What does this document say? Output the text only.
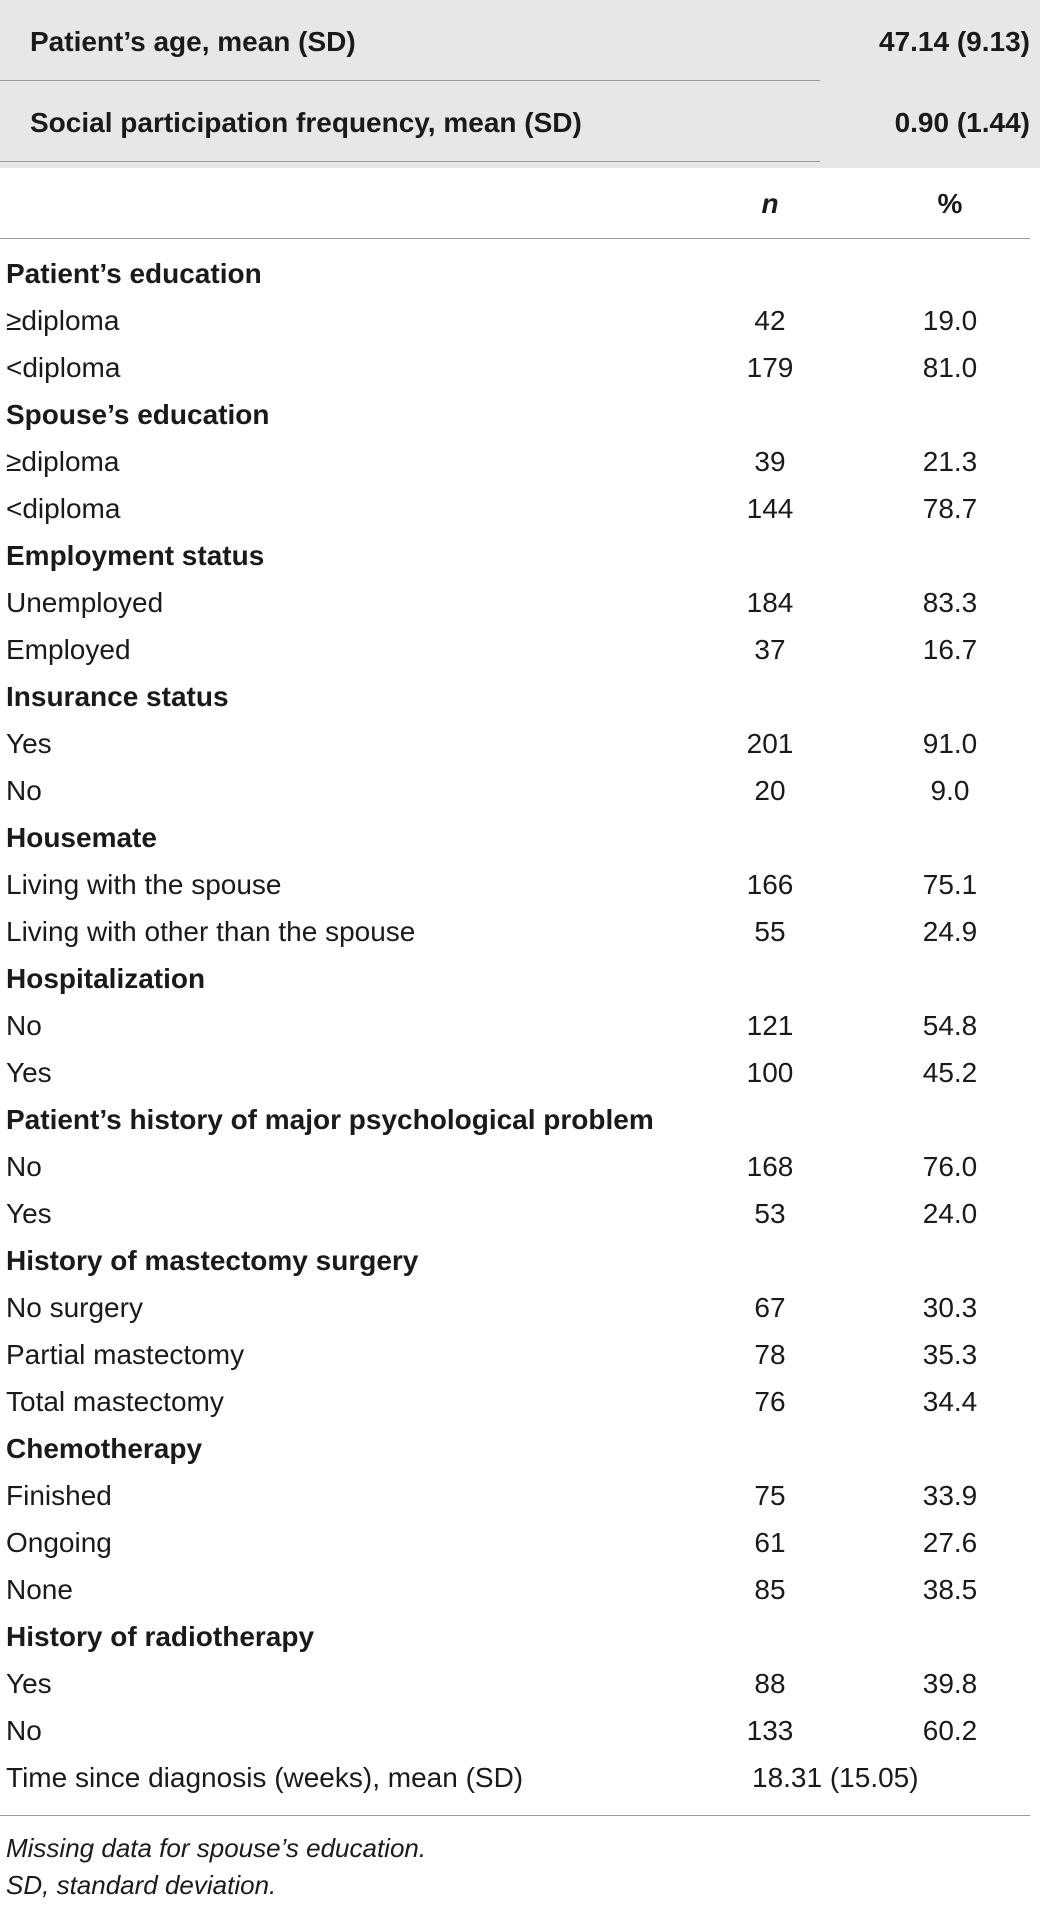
Patient’s age, mean (SD)	47.14 (9.13)
Social participation frequency, mean (SD)	0.90 (1.44)
n	%
Patient’s education
≥diploma	42	19.0
<diploma	179	81.0
Spouse’s education
≥diploma	39	21.3
<diploma	144	78.7
Employment status
Unemployed	184	83.3
Employed	37	16.7
Insurance status
Yes	201	91.0
No	20	9.0
Housemate
Living with the spouse	166	75.1
Living with other than the spouse	55	24.9
Hospitalization
No	121	54.8
Yes	100	45.2
Patient’s history of major psychological problem
No	168	76.0
Yes	53	24.0
History of mastectomy surgery
No surgery	67	30.3
Partial mastectomy	78	35.3
Total mastectomy	76	34.4
Chemotherapy
Finished	75	33.9
Ongoing	61	27.6
None	85	38.5
History of radiotherapy
Yes	88	39.8
No	133	60.2
Time since diagnosis (weeks), mean (SD)	18.31 (15.05)
Missing data for spouse’s education.
SD, standard deviation.
